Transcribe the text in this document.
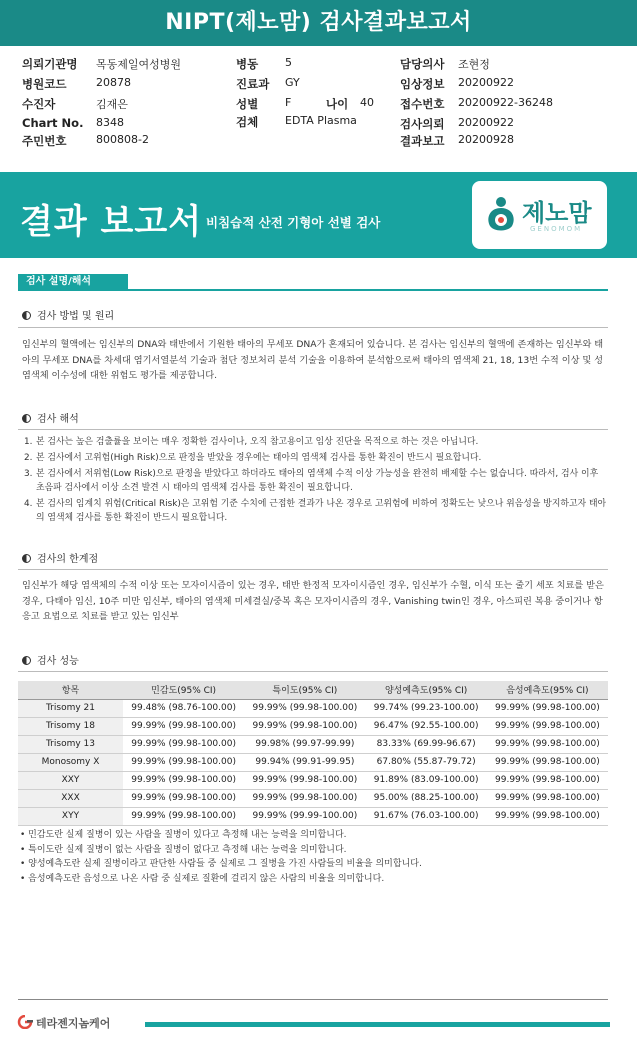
NIPT(제노맘) 검사결과보고서
의뢰기관명 목동제일여성병원
병원코드	20878
수진자	김재은
Chart No. 8348
주민번호	800808-2
병동 5
진료과 GY
성별 F	나이 40
검체 EDTA Plasma
담당의사 조현정
임상정보 20200922
접수번호 20200922-36248
검사의뢰 20200922
결과보고 20200928
결과 보고서 비침습적 산전 기형아 선별 검사	제노맘
GENOMOM
검사 설명/해석
검사 방법 및 원리
임신부의 혈액에는 임신부의 DNA와 태반에서 기원한 태아의 무세포 DNA가 혼재되어 있습니다. 본 검사는 임신부의 혈액에 존재하는 임신부와 태아의 무세포 DNA를 차세대 염기서열분석 기술과 첨단 정보처리 분석 기술을 이용하여 분석함으로써 태아의 염색체 21, 18, 13번 수적 이상 및 성염색체 이수성에 대한 위험도 평가를 제공합니다.
검사 해석
1. 본 검사는 높은 검출률을 보이는 매우 정확한 검사이나, 오직 참고용이고 임상 진단을 목적으로 하는 것은 아닙니다.
2. 본 검사에서 고위험(High Risk)으로 판정을 받았을 경우에는 태아의 염색체 검사를 통한 확진이 반드시 필요합니다.
3. 본 검사에서 저위험(Low Risk)으로 판정을 받았다고 하더라도 태아의 염색체 수적 이상 가능성을 완전히 배제할 수는 없습니다. 따라서, 검사 이후 초음파 검사에서 이상 소견 발견 시 태아의 염색체 검사를 통한 확진이 필요합니다.
4. 본 검사의 임계치 위험(Critical Risk)은 고위험 기준 수치에 근접한 결과가 나온 경우로 고위험에 비하여 정확도는 낮으나 위음성을 방지하고자 태아의 염색체 검사를 통한 확진이 반드시 필요합니다.
검사의 한계점
임신부가 해당 염색체의 수적 이상 또는 모자이시즘이 있는 경우, 태반 한정적 모자이시즘인 경우, 임신부가 수혈, 이식 또는 줄기 세포 치료를 받은 경우, 다태아 임신, 10주 미만 임신부, 태아의 염색체 미세결실/중복 혹은 모자이시즘의 경우, Vanishing twin인 경우, 아스피린 복용 중이거나 항 응고 요법으로 치료를 받고 있는 임신부
검사 성능
항목	민감도(95% CI)	특이도(95% CI)	양성예측도(95% CI)	음성예측도(95% CI)
Trisomy 21	99.48% (98.76-100.00)	99.99% (99.98-100.00)	99.74% (99.23-100.00)	99.99% (99.98-100.00)
Trisomy 18	99.99% (99.98-100.00)	99.99% (99.98-100.00)	96.47% (92.55-100.00)	99.99% (99.98-100.00)
Trisomy 13	99.99% (99.98-100.00)	99.98% (99.97-99.99)	83.33% (69.99-96.67)	99.99% (99.98-100.00)
Monosomy X	99.99% (99.98-100.00)	99.94% (99.91-99.95)	67.80% (55.87-79.72)	99.99% (99.98-100.00)
XXY	99.99% (99.98-100.00)	99.99% (99.98-100.00)	91.89% (83.09-100.00)	99.99% (99.98-100.00)
XXX	99.99% (99.98-100.00)	99.99% (99.98-100.00)	95.00% (88.25-100.00)	99.99% (99.98-100.00)
XYY	99.99% (99.98-100.00)	99.99% (99.99-100.00)	91.67% (76.03-100.00)	99.99% (99.98-100.00)
• 민감도란 실제 질병이 있는 사람을 질병이 있다고 측정해 내는 능력을 의미합니다.
• 특이도란 실제 질병이 없는 사람을 질병이 없다고 측정해 내는 능력을 의미합니다.
• 양성예측도란 실제 질병이라고 판단한 사람들 중 실제로 그 질병을 가진 사람들의 비율을 의미합니다.
• 음성예측도란 음성으로 나온 사람 중 실제로 질환에 걸리지 않은 사람의 비율을 의미합니다.
테라젠지놈케어
